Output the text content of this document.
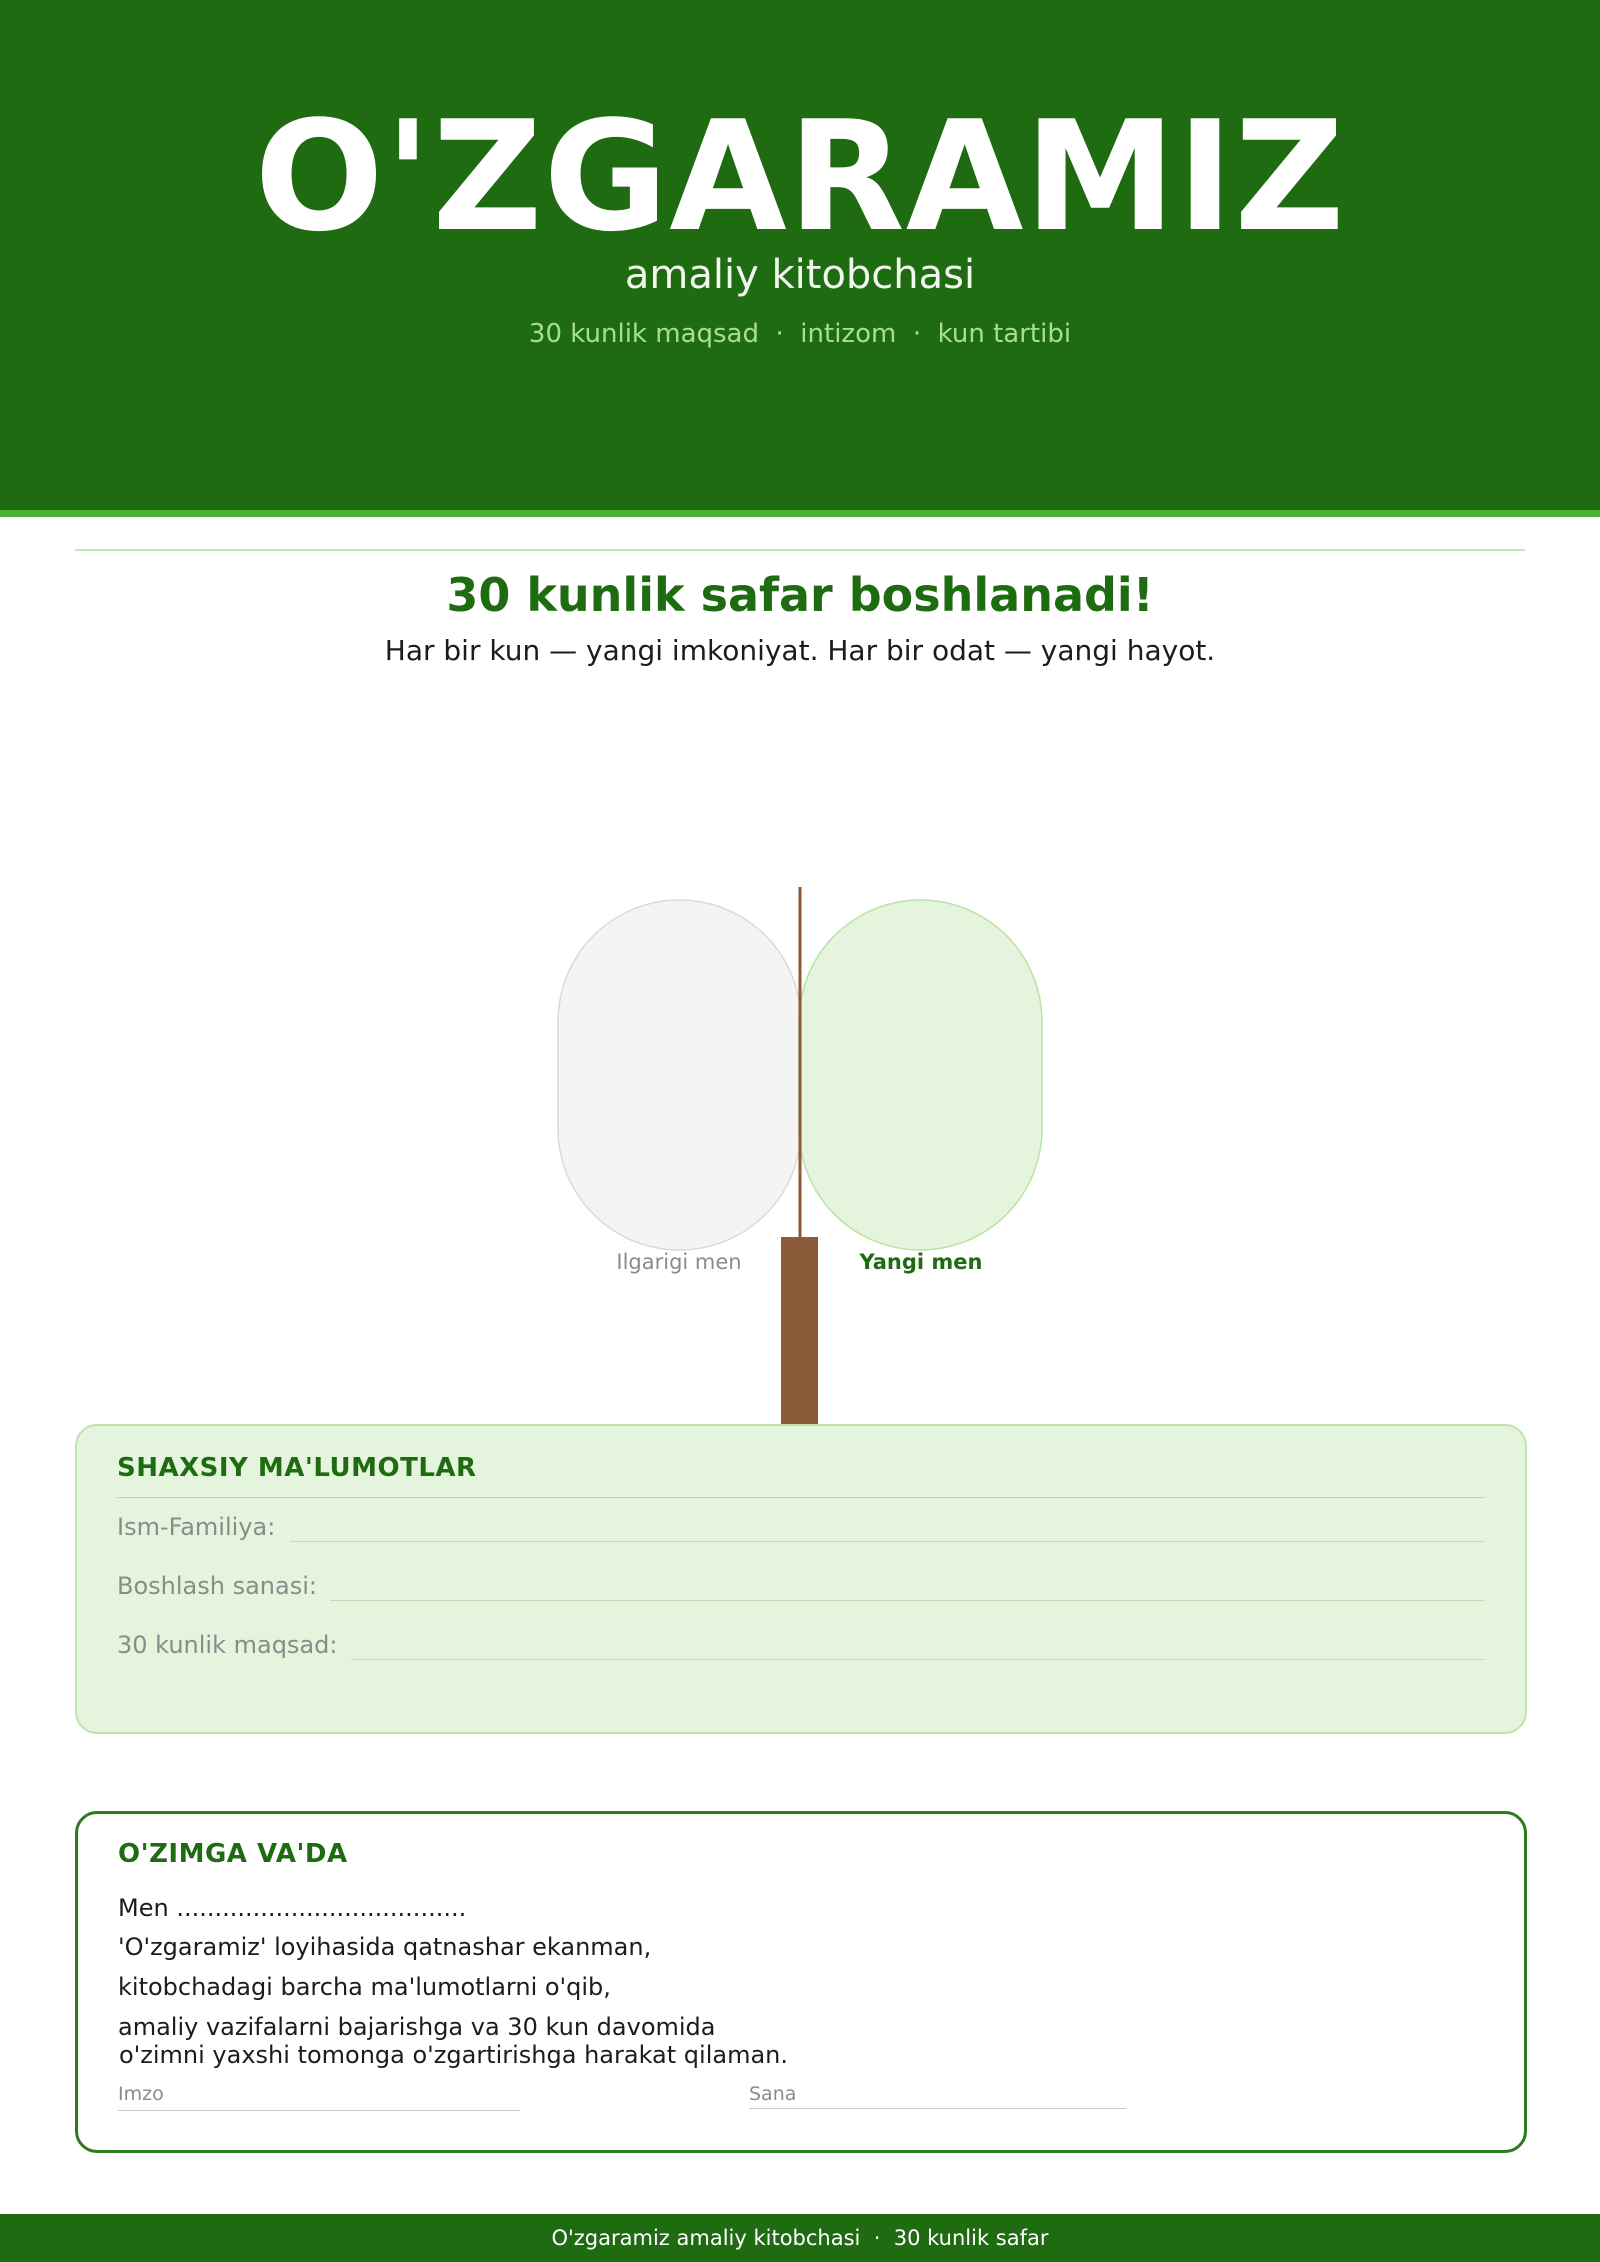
O'ZGARAMIZ
amaliy kitobchasi
30 kunlik maqsad  ·  intizom  ·  kun tartibi
30 kunlik safar boshlanadi!
Har bir kun — yangi imkoniyat. Har bir odat — yangi hayot.
Ilgarigi men	Yangi men
SHAXSIY MA'LUMOTLAR
Ism-Familiya:
Boshlash sanasi:
30 kunlik maqsad:
O'ZIMGA VA'DA
Men ......................................
'O'zgaramiz' loyihasida qatnashar ekanman,
kitobchadagi barcha ma'lumotlarni o'qib,
amaliy vazifalarni bajarishga va 30 kun davomida
o'zimni yaxshi tomonga o'zgartirishga harakat qilaman.
Imzo	Sana
O'zgaramiz amaliy kitobchasi  ·  30 kunlik safar
